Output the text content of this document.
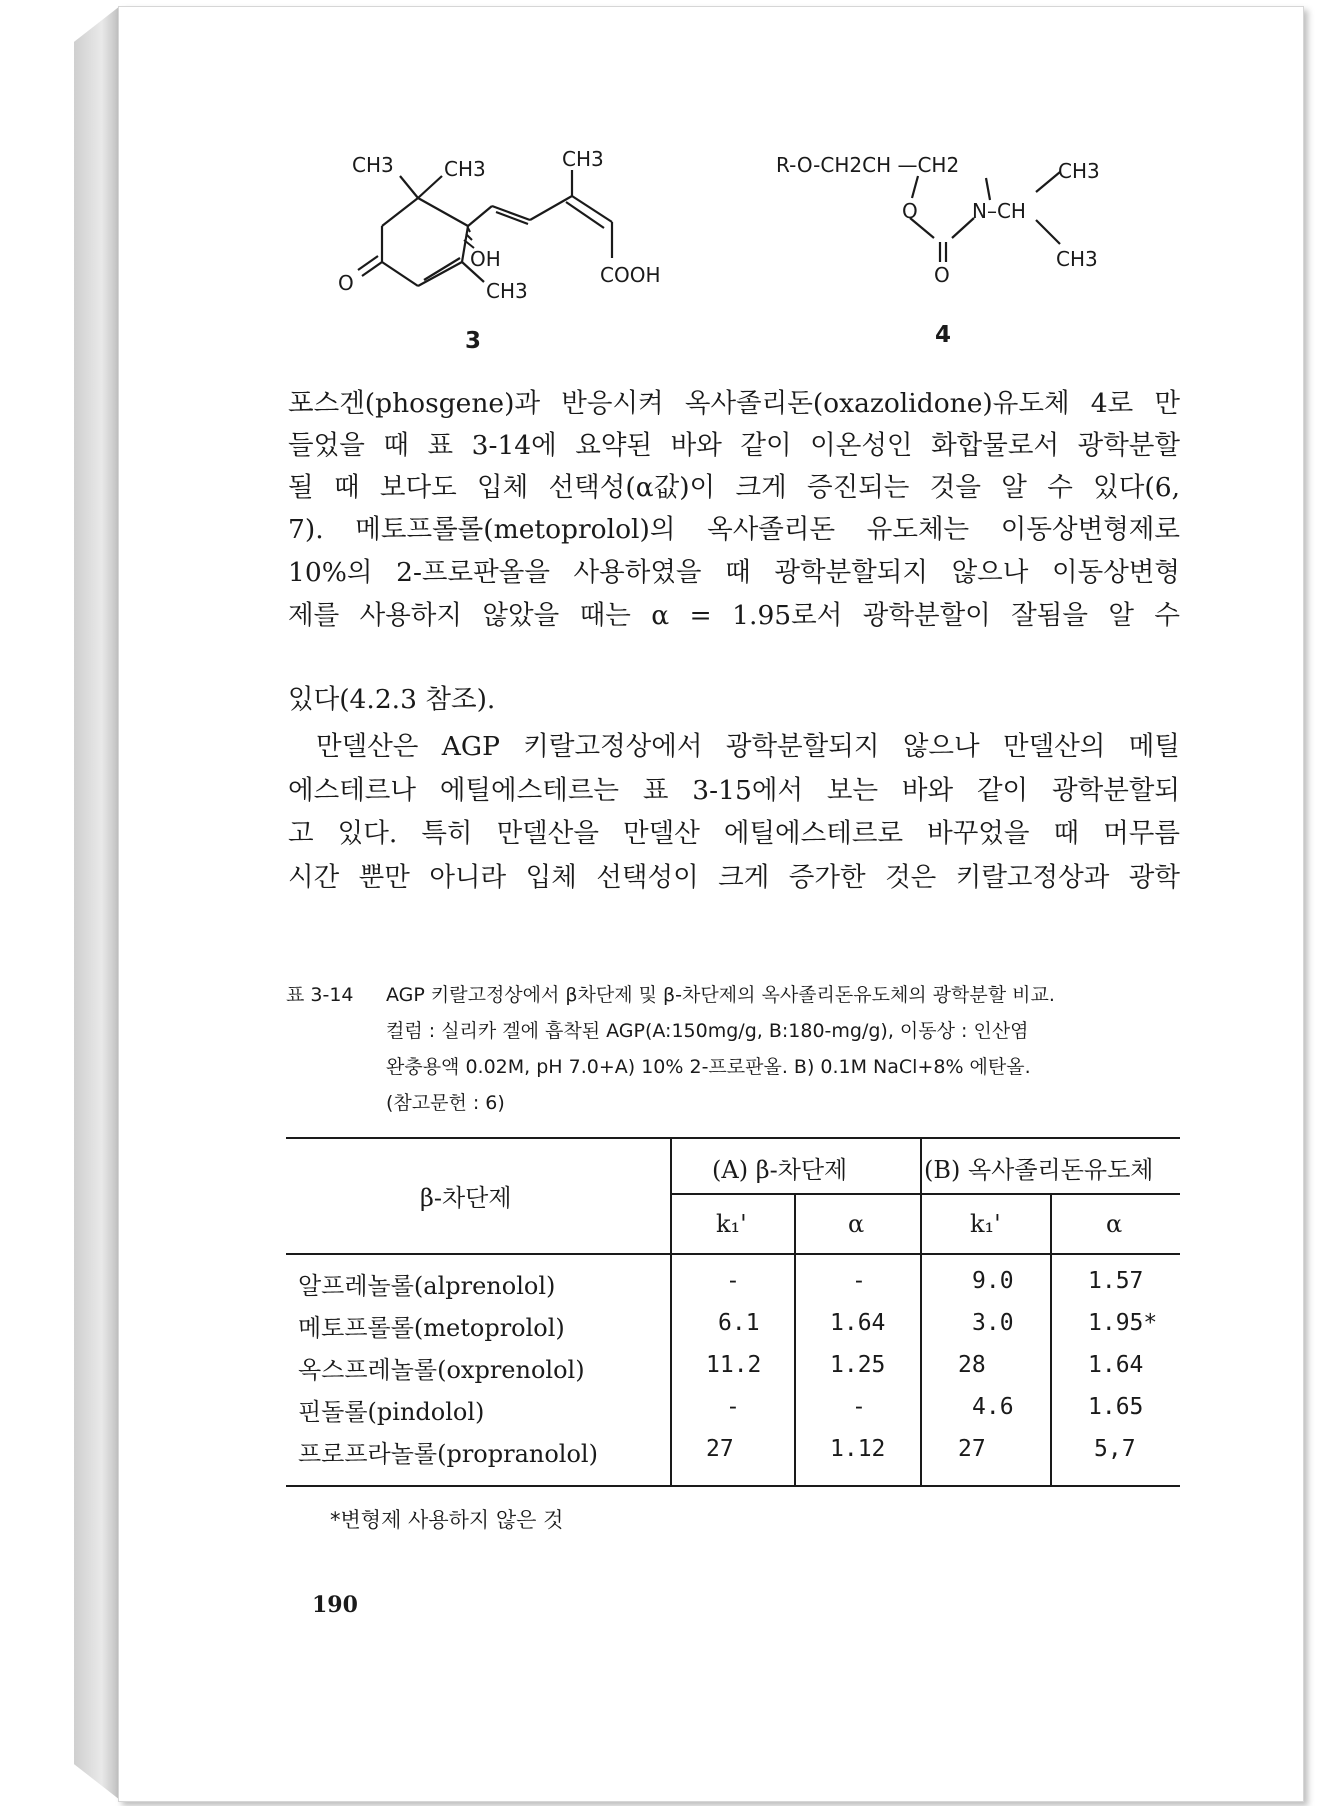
CH3	CH3	CH3
OH
CH3
COOH
O
3
R-O-CH2CH —CH2	CH3
O	N–CH
O
CH3
4
포스겐(phosgene)과 반응시켜 옥사졸리돈(oxazolidone)유도체 4로 만
들었을 때 표 3-14에 요약된 바와 같이 이온성인 화합물로서 광학분할
될 때 보다도 입체 선택성(α값)이 크게 증진되는 것을 알 수 있다(6,
7). 메토프롤롤(metoprolol)의 옥사졸리돈 유도체는 이동상변형제로
10%의 2-프로판올을 사용하였을 때 광학분할되지 않으나 이동상변형
제를 사용하지 않았을 때는 α = 1.95로서 광학분할이 잘됨을 알 수
있다(4.2.3 참조).
만델산은 AGP 키랄고정상에서 광학분할되지 않으나 만델산의 메틸
에스테르나 에틸에스테르는 표 3-15에서 보는 바와 같이 광학분할되
고 있다. 특히 만델산을 만델산 에틸에스테르로 바꾸었을 때 머무름
시간 뿐만 아니라 입체 선택성이 크게 증가한 것은 키랄고정상과 광학
표 3-14 AGP 키랄고정상에서 β차단제 및 β-차단제의 옥사졸리돈유도체의 광학분할 비교.
컬럼 : 실리카 겔에 흡착된 AGP(A:150mg/g, B:180-mg/g), 이동상 : 인산염
완충용액 0.02M, pH 7.0+A) 10% 2-프로판올. B) 0.1M NaCl+8% 에탄올.
(참고문헌 : 6)
β-차단제
(A) β-차단제	(B) 옥사졸리돈유도체
k₁'	α	k₁'	α
알프레놀롤(alprenolol)	-	-	9.0	1.57
메토프롤롤(metoprolol)	6.1	1.64	3.0	1.95*
옥스프레놀롤(oxprenolol)	11.2	1.25	28	1.64
핀돌롤(pindolol)	-	-	4.6	1.65
프로프라놀롤(propranolol)	27	1.12	27	5,7
*변형제 사용하지 않은 것
190
